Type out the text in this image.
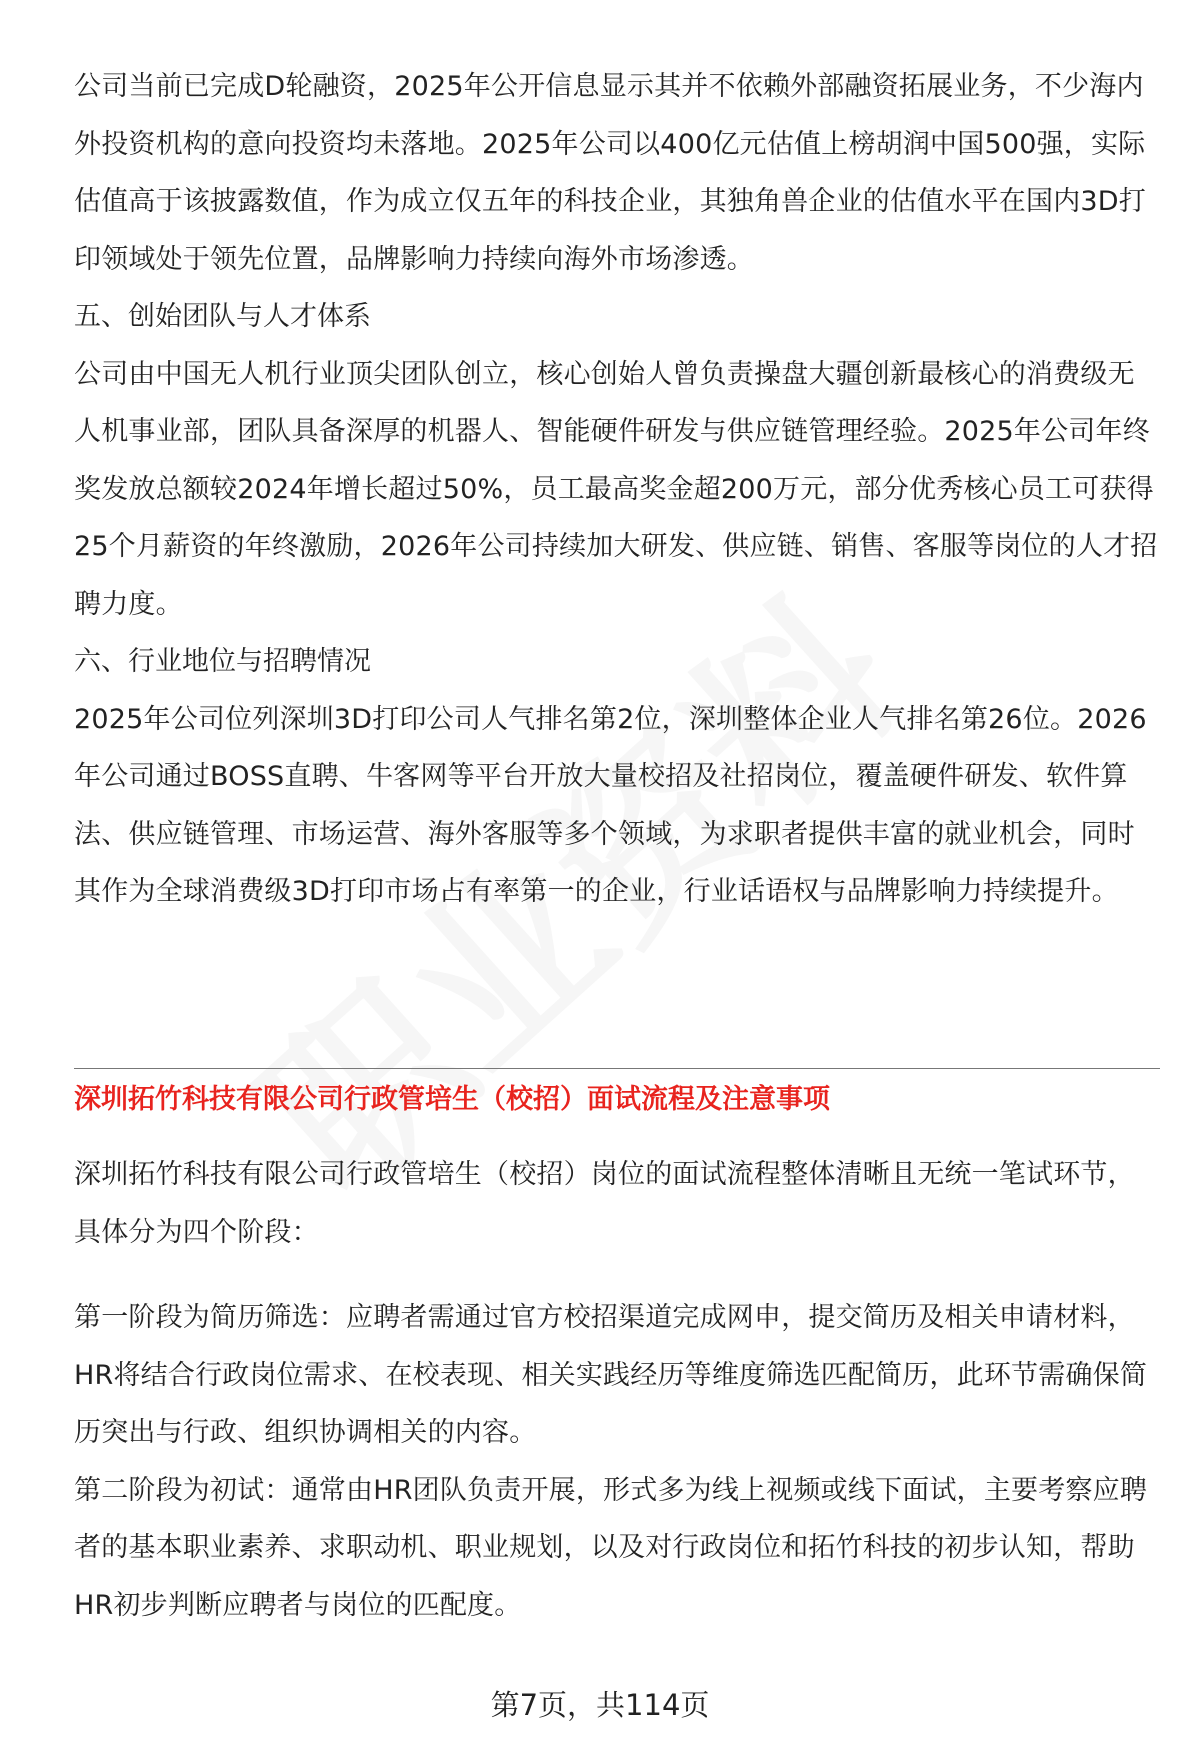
公司当前已完成D轮融资，2025年公开信息显示其并不依赖外部融资拓展业务，不少海内外投资机构的意向投资均未落地。2025年公司以400亿元估值上榜胡润中国500强，实际估值高于该披露数值，作为成立仅五年的科技企业，其独角兽企业的估值水平在国内3D打印领域处于领先位置，品牌影响力持续向海外市场渗透。

五、创始团队与人才体系

公司由中国无人机行业顶尖团队创立，核心创始人曾负责操盘大疆创新最核心的消费级无人机事业部，团队具备深厚的机器人、智能硬件研发与供应链管理经验。2025年公司年终奖发放总额较2024年增长超过50%，员工最高奖金超200万元，部分优秀核心员工可获得25个月薪资的年终激励，2026年公司持续加大研发、供应链、销售、客服等岗位的人才招聘力度。

六、行业地位与招聘情况

2025年公司位列深圳3D打印公司人气排名第2位，深圳整体企业人气排名第26位。2026年公司通过BOSS直聘、牛客网等平台开放大量校招及社招岗位，覆盖硬件研发、软件算法、供应链管理、市场运营、海外客服等多个领域，为求职者提供丰富的就业机会，同时其作为全球消费级3D打印市场占有率第一的企业，行业话语权与品牌影响力持续提升。

深圳拓竹科技有限公司行政管培生（校招）面试流程及注意事项

深圳拓竹科技有限公司行政管培生（校招）岗位的面试流程整体清晰且无统一笔试环节，具体分为四个阶段：

第一阶段为简历筛选：应聘者需通过官方校招渠道完成网申，提交简历及相关申请材料，HR将结合行政岗位需求、在校表现、相关实践经历等维度筛选匹配简历，此环节需确保简历突出与行政、组织协调相关的内容。

第二阶段为初试：通常由HR团队负责开展，形式多为线上视频或线下面试，主要考察应聘者的基本职业素养、求职动机、职业规划，以及对行政岗位和拓竹科技的初步认知，帮助HR初步判断应聘者与岗位的匹配度。

第7页，共114页
